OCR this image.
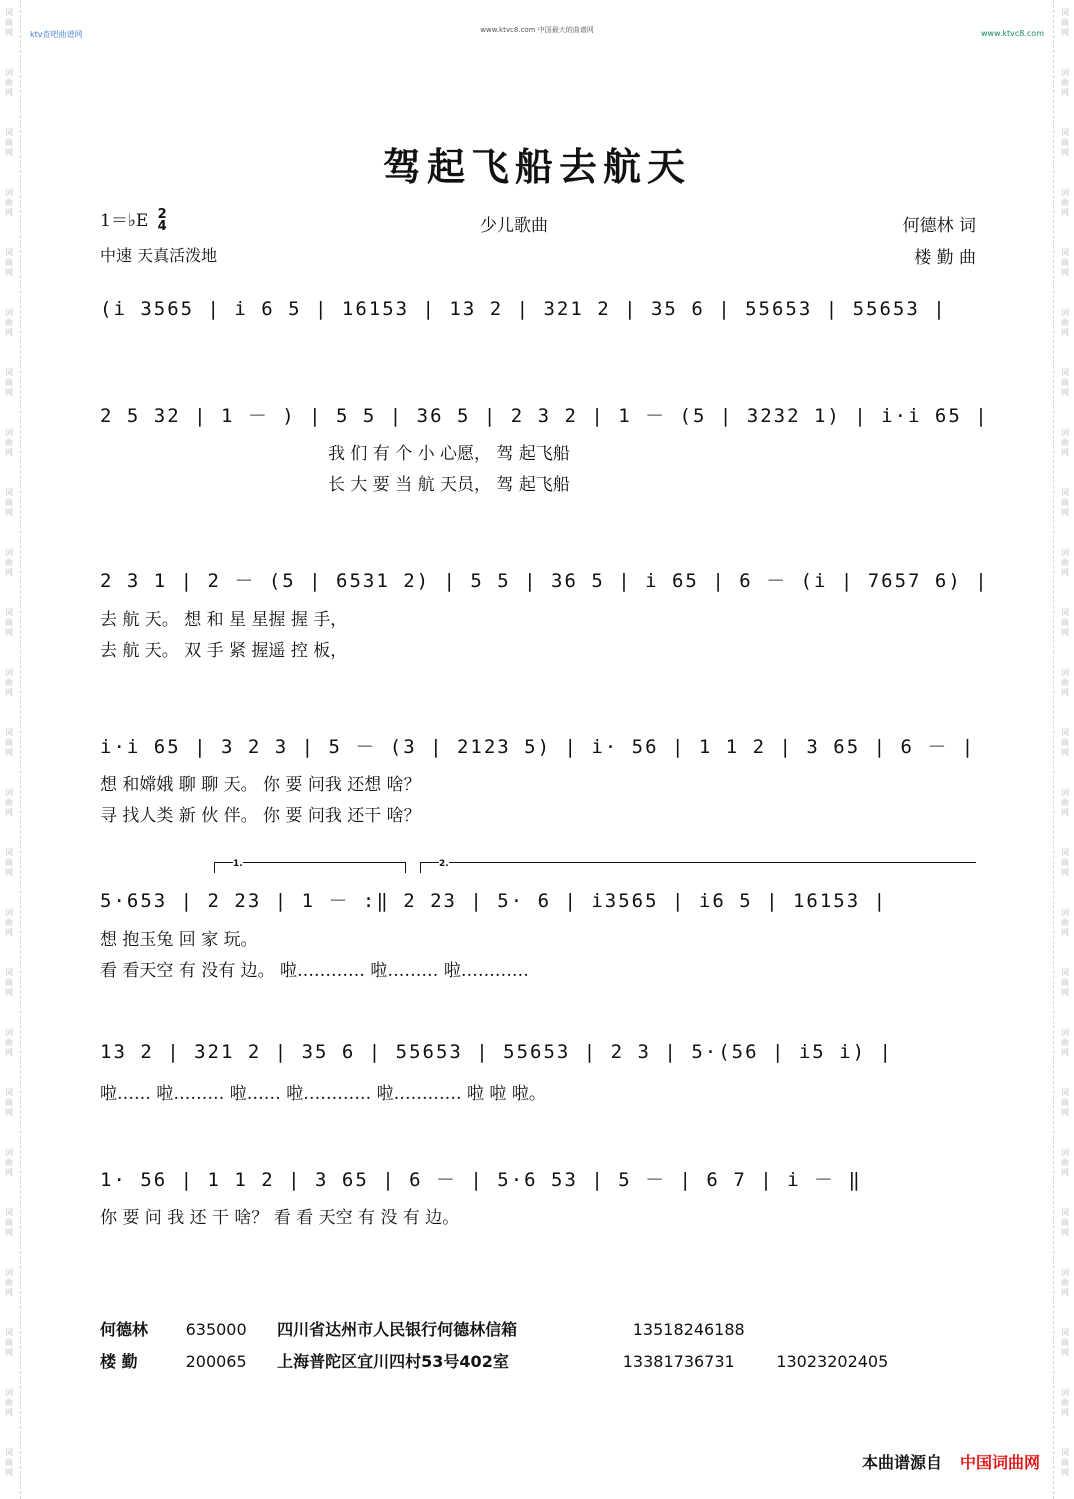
词
曲
网
词
曲
网
词
曲
网
词
曲
网
词
曲
网
词
曲
网
词
曲
网
词
曲
网
词
曲
网
词
曲
网
词
曲
网
词
曲
网
词
曲
网
词
曲
网
词
曲
网
词
曲
网
词
曲
网
词
曲
网
词
曲
网
词
曲
网
词
曲
网
词
曲
网
词
曲
网
词
曲
网
词
曲
网
词
曲
网
词
曲
网
词
曲
网
词
曲
网
词
曲
网
词
曲
网
词
曲
网
词
曲
网
词
曲
网
词
曲
网
词
曲
网
词
曲
网
词
曲
网
词
曲
网
词
曲
网
词
曲
网
词
曲
网
词
曲
网
词
曲
网
词
曲
网
词
曲
网
词
曲
网
词
曲
网
词
曲
网
词
曲
网
ktv查吧曲谱网	www.ktvc8.com 中国最大的曲谱网	www.ktvc8.com
驾起飞船去航天
1＝♭E 2
4	少儿歌曲	何德林 词
中速 天真活泼地	楼 勤 曲
(i 3565 | i 6 5 | 16153 | 13 2 | 321 2 | 35 6 | 55653 | 55653 |
2 5 32 | 1 － ) | 5 5 | 36 5 | 2 3 2 | 1 － (5 | 3232 1) | i·i 65 |
我 们 有 个 小 心愿， 驾 起飞船
长 大 要 当 航 天员， 驾 起飞船
2 3 1 | 2 － (5 | 6531 2) | 5 5 | 36 5 | i 65 | 6 － (i | 7657 6) |
去 航 天。 想 和 星 星握 握 手，
去 航 天。 双 手 紧 握遥 控 板，
i·i 65 | 3 2 3 | 5 － (3 | 2123 5) | i· 56 | 1 1 2 | 3 65 | 6 － |
想 和嫦娥 聊 聊 天。 你 要 问我 还想 啥？
寻 找人类 新 伙 伴。 你 要 问我 还干 啥？
1.	2.
5·653 | 2 23 | 1 － :‖ 2 23 | 5· 6 | i3565 | i6 5 | 16153 |
想 抱玉兔 回 家 玩。
看 看天空 有 没有 边。 啦………… 啦……… 啦…………
13 2 | 321 2 | 35 6 | 55653 | 55653 | 2 3 | 5·(56 | i5 i) |
啦…… 啦……… 啦…… 啦………… 啦………… 啦 啦 啦。
1· 56 | 1 1 2 | 3 65 | 6 － | 5·6 53 | 5 － | 6 7 | i － ‖
你 要 问 我 还 干 啥？ 看 看 天空 有 没 有 边。
何德林 635000 四川省达州市人民银行何德林信箱	13518246188
楼 勤	200065 上海普陀区宜川四村53号402室	13381736731	13023202405
本曲谱源自 中国词曲网
